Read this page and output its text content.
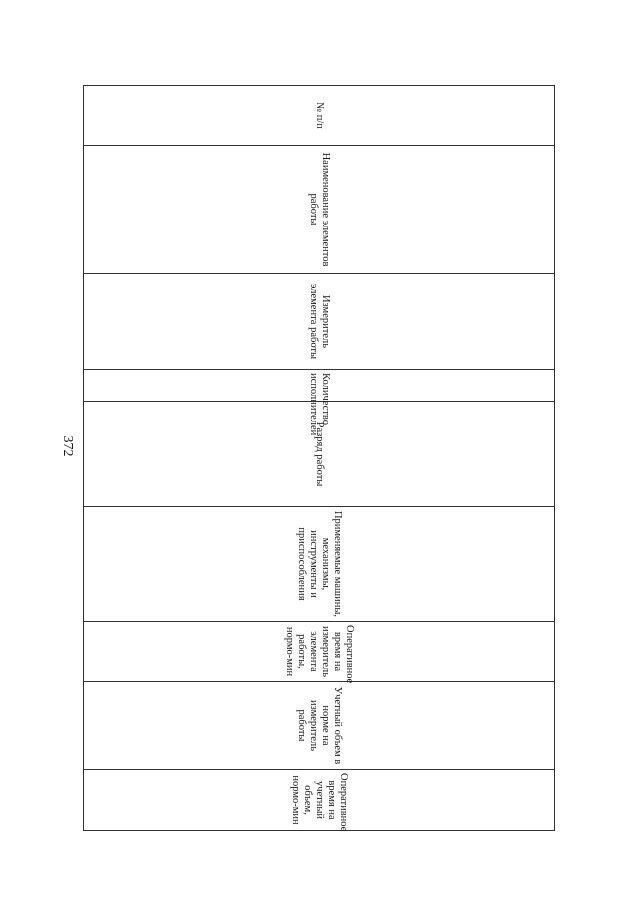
372
№ п/п	Наименование элементов работы	Измеритель элемента работы	Количество исполнителей	Разряд работы	Применяемые машины, механизмы, инструменты и приспособления	Оперативное время на измеритель элемента работы, нормо-мин	Учетный объем в норме на измеритель работы	Оперативное время на учетный объем, нормо-мин	
